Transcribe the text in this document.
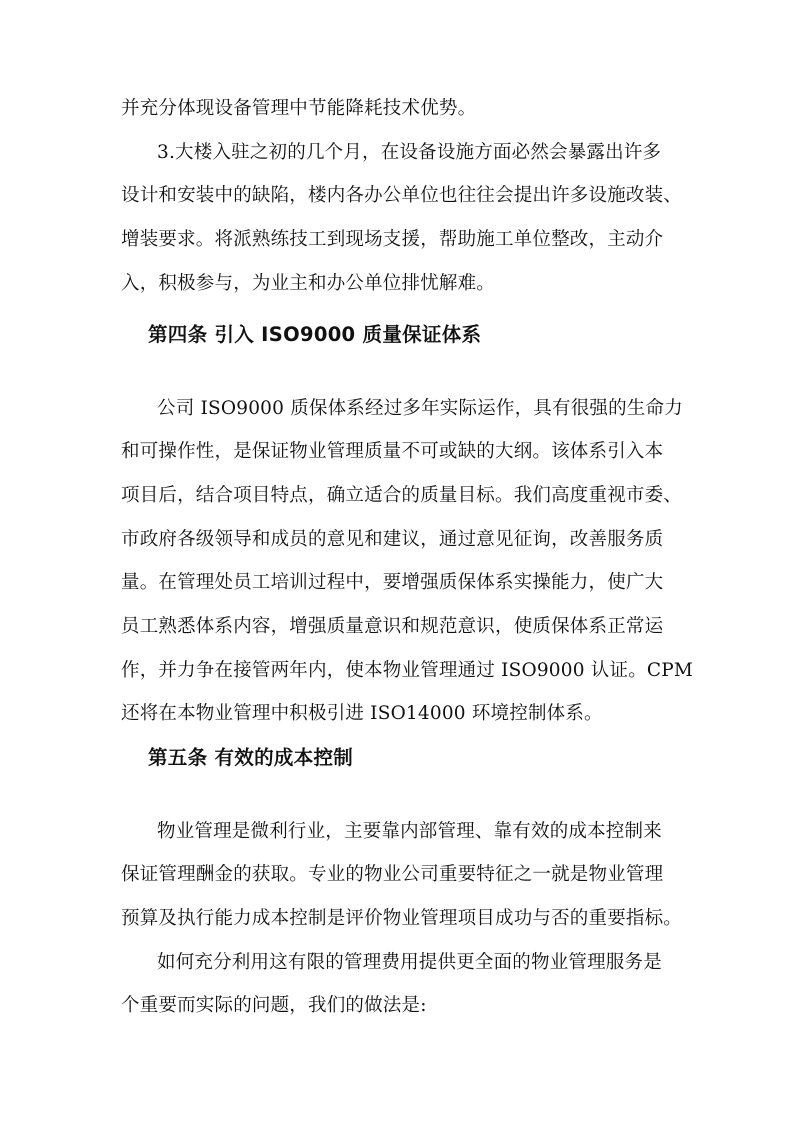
并充分体现设备管理中节能降耗技术优势。
3.大楼入驻之初的几个月，在设备设施方面必然会暴露出许多
设计和安装中的缺陷，楼内各办公单位也往往会提出许多设施改装、
增装要求。将派熟练技工到现场支援，帮助施工单位整改，主动介
入，积极参与，为业主和办公单位排忧解难。
第四条 引入 ISO9000 质量保证体系
公司 ISO9000 质保体系经过多年实际运作，具有很强的生命力
和可操作性，是保证物业管理质量不可或缺的大纲。该体系引入本
项目后，结合项目特点，确立适合的质量目标。我们高度重视市委、
市政府各级领导和成员的意见和建议，通过意见征询，改善服务质
量。在管理处员工培训过程中，要增强质保体系实操能力，使广大
员工熟悉体系内容，增强质量意识和规范意识，使质保体系正常运
作，并力争在接管两年内，使本物业管理通过 ISO9000 认证。CPM
还将在本物业管理中积极引进 ISO14000 环境控制体系。
第五条 有效的成本控制
物业管理是微利行业，主要靠内部管理、靠有效的成本控制来
保证管理酬金的获取。专业的物业公司重要特征之一就是物业管理
预算及执行能力成本控制是评价物业管理项目成功与否的重要指标。
如何充分利用这有限的管理费用提供更全面的物业管理服务是
个重要而实际的问题，我们的做法是:
